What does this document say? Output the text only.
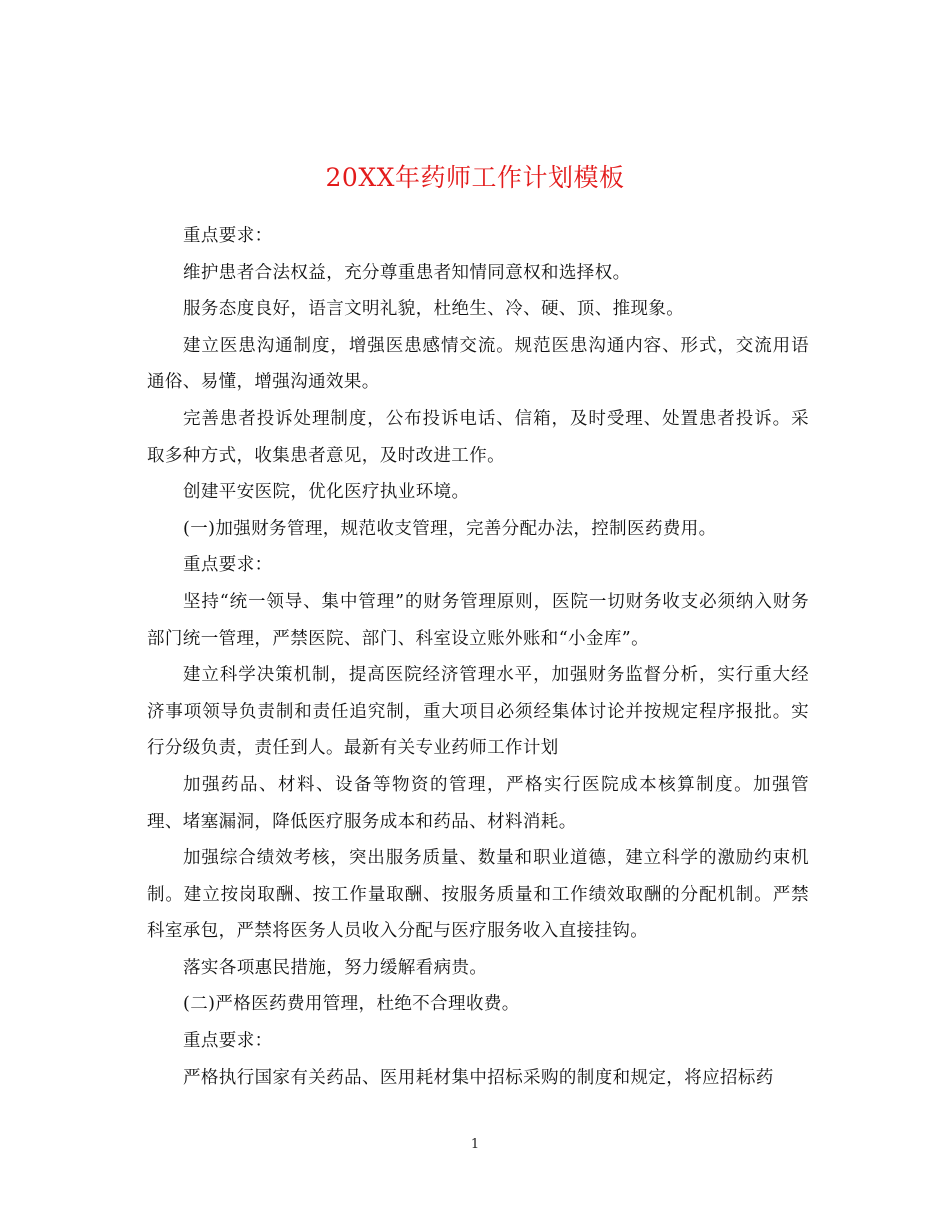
20XX年药师工作计划模板

重点要求：

维护患者合法权益，充分尊重患者知情同意权和选择权。

服务态度良好，语言文明礼貌，杜绝生、冷、硬、顶、推现象。

建立医患沟通制度，增强医患感情交流。规范医患沟通内容、形式，交流用语通俗、易懂，增强沟通效果。

完善患者投诉处理制度，公布投诉电话、信箱，及时受理、处置患者投诉。采取多种方式，收集患者意见，及时改进工作。

创建平安医院，优化医疗执业环境。

(一)加强财务管理，规范收支管理，完善分配办法，控制医药费用。

重点要求：

坚持“统一领导、集中管理”的财务管理原则，医院一切财务收支必须纳入财务部门统一管理，严禁医院、部门、科室设立账外账和“小金库”。

建立科学决策机制，提高医院经济管理水平，加强财务监督分析，实行重大经济事项领导负责制和责任追究制，重大项目必须经集体讨论并按规定程序报批。实行分级负责，责任到人。最新有关专业药师工作计划

加强药品、材料、设备等物资的管理，严格实行医院成本核算制度。加强管理、堵塞漏洞，降低医疗服务成本和药品、材料消耗。

加强综合绩效考核，突出服务质量、数量和职业道德，建立科学的激励约束机制。建立按岗取酬、按工作量取酬、按服务质量和工作绩效取酬的分配机制。严禁科室承包，严禁将医务人员收入分配与医疗服务收入直接挂钩。

落实各项惠民措施，努力缓解看病贵。

(二)严格医药费用管理，杜绝不合理收费。

重点要求：

严格执行国家有关药品、医用耗材集中招标采购的制度和规定，将应招标药

1
